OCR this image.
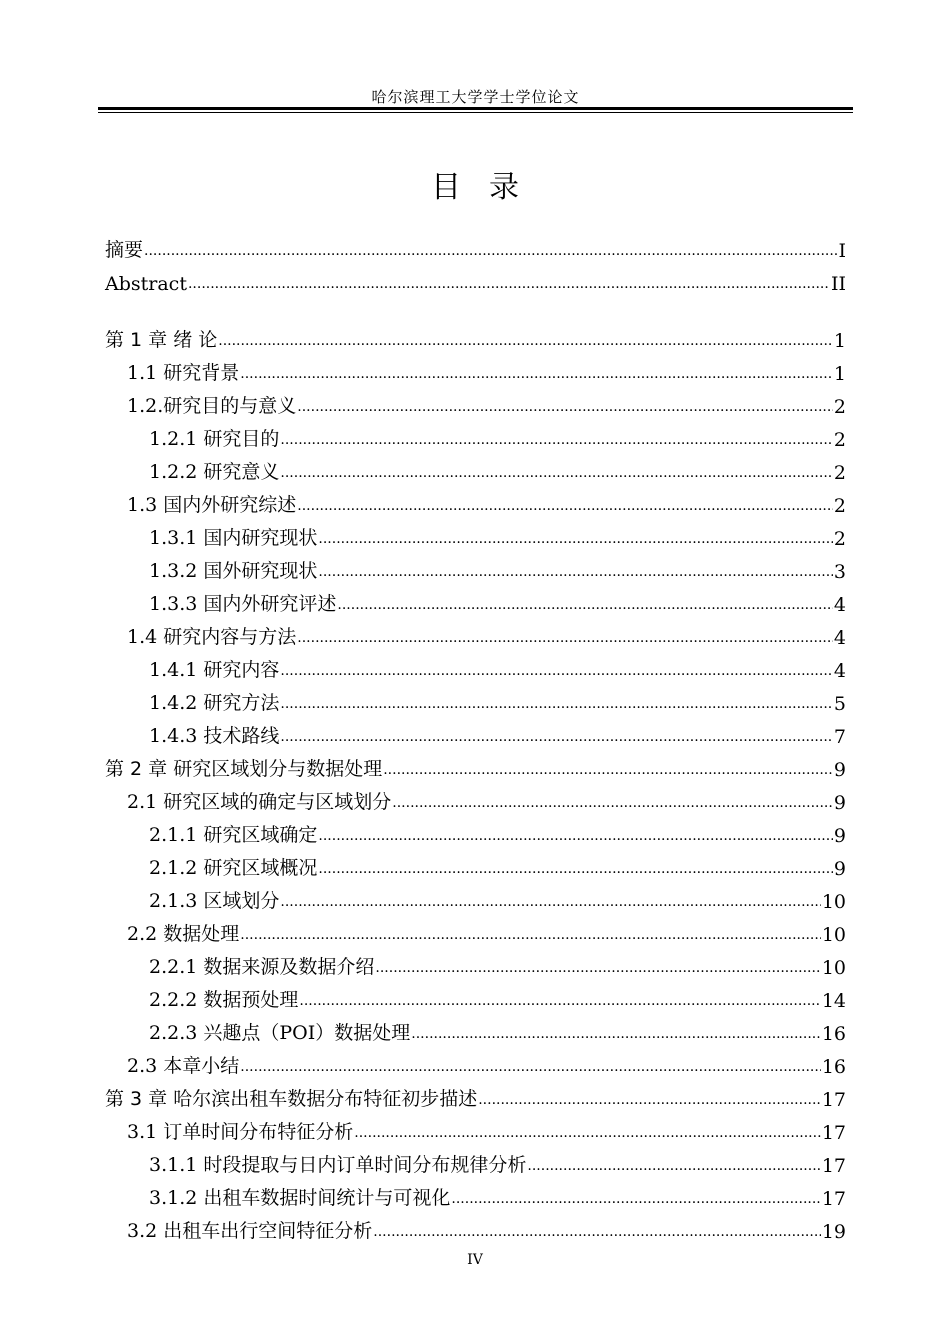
哈尔滨理工大学学士学位论文
目录
摘要 .....	I
Abstract .....	II
第 1 章 绪 论 .....	1
1.1 研究背景 .....	1
1.2.研究目的与意义 .....	2
1.2.1 研究目的 .....	2
1.2.2 研究意义 .....	2
1.3 国内外研究综述 .....	2
1.3.1 国内研究现状 .....	2
1.3.2 国外研究现状 .....	3
1.3.3 国内外研究评述 .....	4
1.4 研究内容与方法 .....	4
1.4.1 研究内容 .....	4
1.4.2 研究方法 .....	5
1.4.3 技术路线 .....	7
第 2 章 研究区域划分与数据处理 .....	9
2.1 研究区域的确定与区域划分 .....	9
2.1.1 研究区域确定 .....	9
2.1.2 研究区域概况 .....	9
2.1.3 区域划分 .....	10
2.2 数据处理 .....	10
2.2.1 数据来源及数据介绍 .....	10
2.2.2 数据预处理 .....	14
2.2.3 兴趣点（POI）数据处理 .....	16
2.3 本章小结 .....	16
第 3 章 哈尔滨出租车数据分布特征初步描述 .....	17
3.1 订单时间分布特征分析 .....	17
3.1.1 时段提取与日内订单时间分布规律分析 .....	17
3.1.2 出租车数据时间统计与可视化 .....	17
3.2 出租车出行空间特征分析 .....	19
IV
